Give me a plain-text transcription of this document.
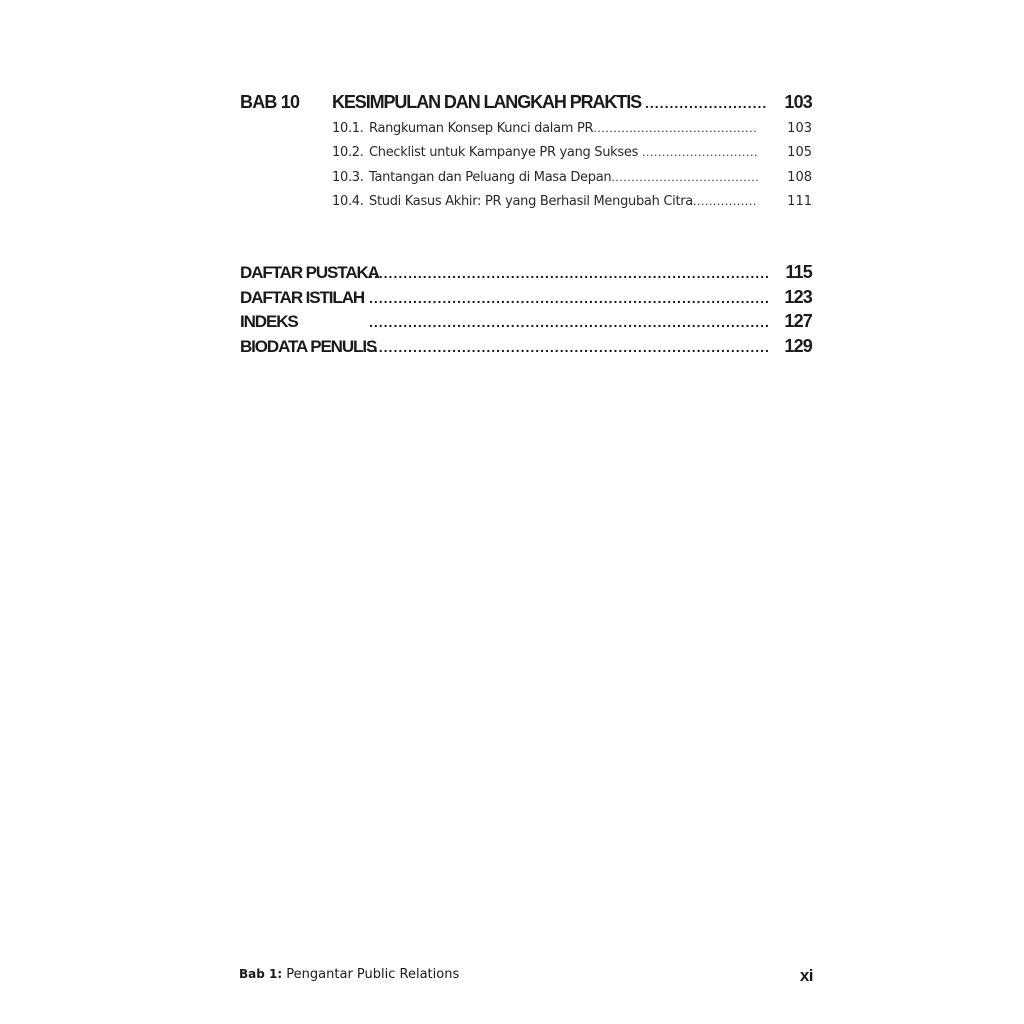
BAB 10 KESIMPULAN DAN LANGKAH PRAKTIS .....	103
10.1. Rangkuman Konsep Kunci dalam PR .....	103
10.2. Checklist untuk Kampanye PR yang Sukses .....	105
10.3. Tantangan dan Peluang di Masa Depan .....	108
10.4. Studi Kasus Akhir: PR yang Berhasil Mengubah Citra .....	111
DAFTAR PUSTAKA .....	115
DAFTAR ISTILAH .....	123
INDEKS .....	127
BIODATA PENULIS .....	129
Bab 1: Pengantar Public Relations	xi
